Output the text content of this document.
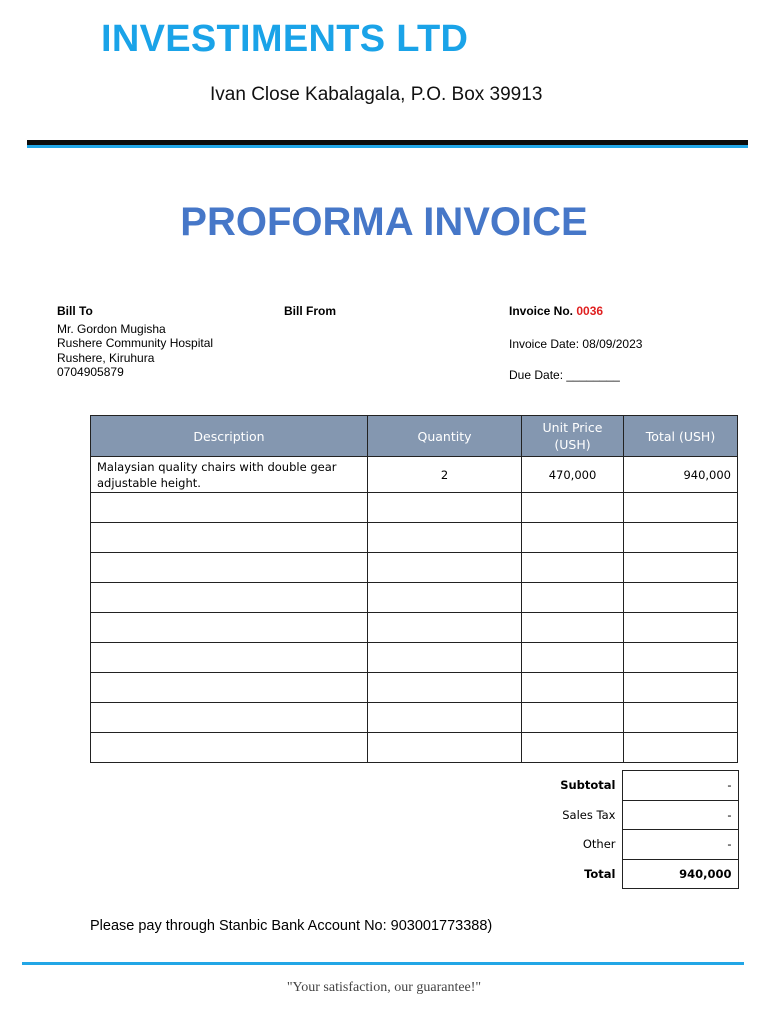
INVESTIMENTS LTD
Ivan Close Kabalagala, P.O. Box 39913
PROFORMA INVOICE
Bill To
Mr. Gordon Mugisha
Rushere Community Hospital
Rushere, Kiruhura
0704905879
Bill From	Invoice No. 0036
Invoice Date: 08/09/2023
Due Date: ________
Description	Quantity	Unit Price (USH)	Total (USH)
Malaysian quality chairs with double gear adjustable height.	2	470,000	940,000

Subtotal	-
Sales Tax	-
Other	-
Total	940,000
Please pay through Stanbic Bank Account No: 903001773388)
"Your satisfaction, our guarantee!"
